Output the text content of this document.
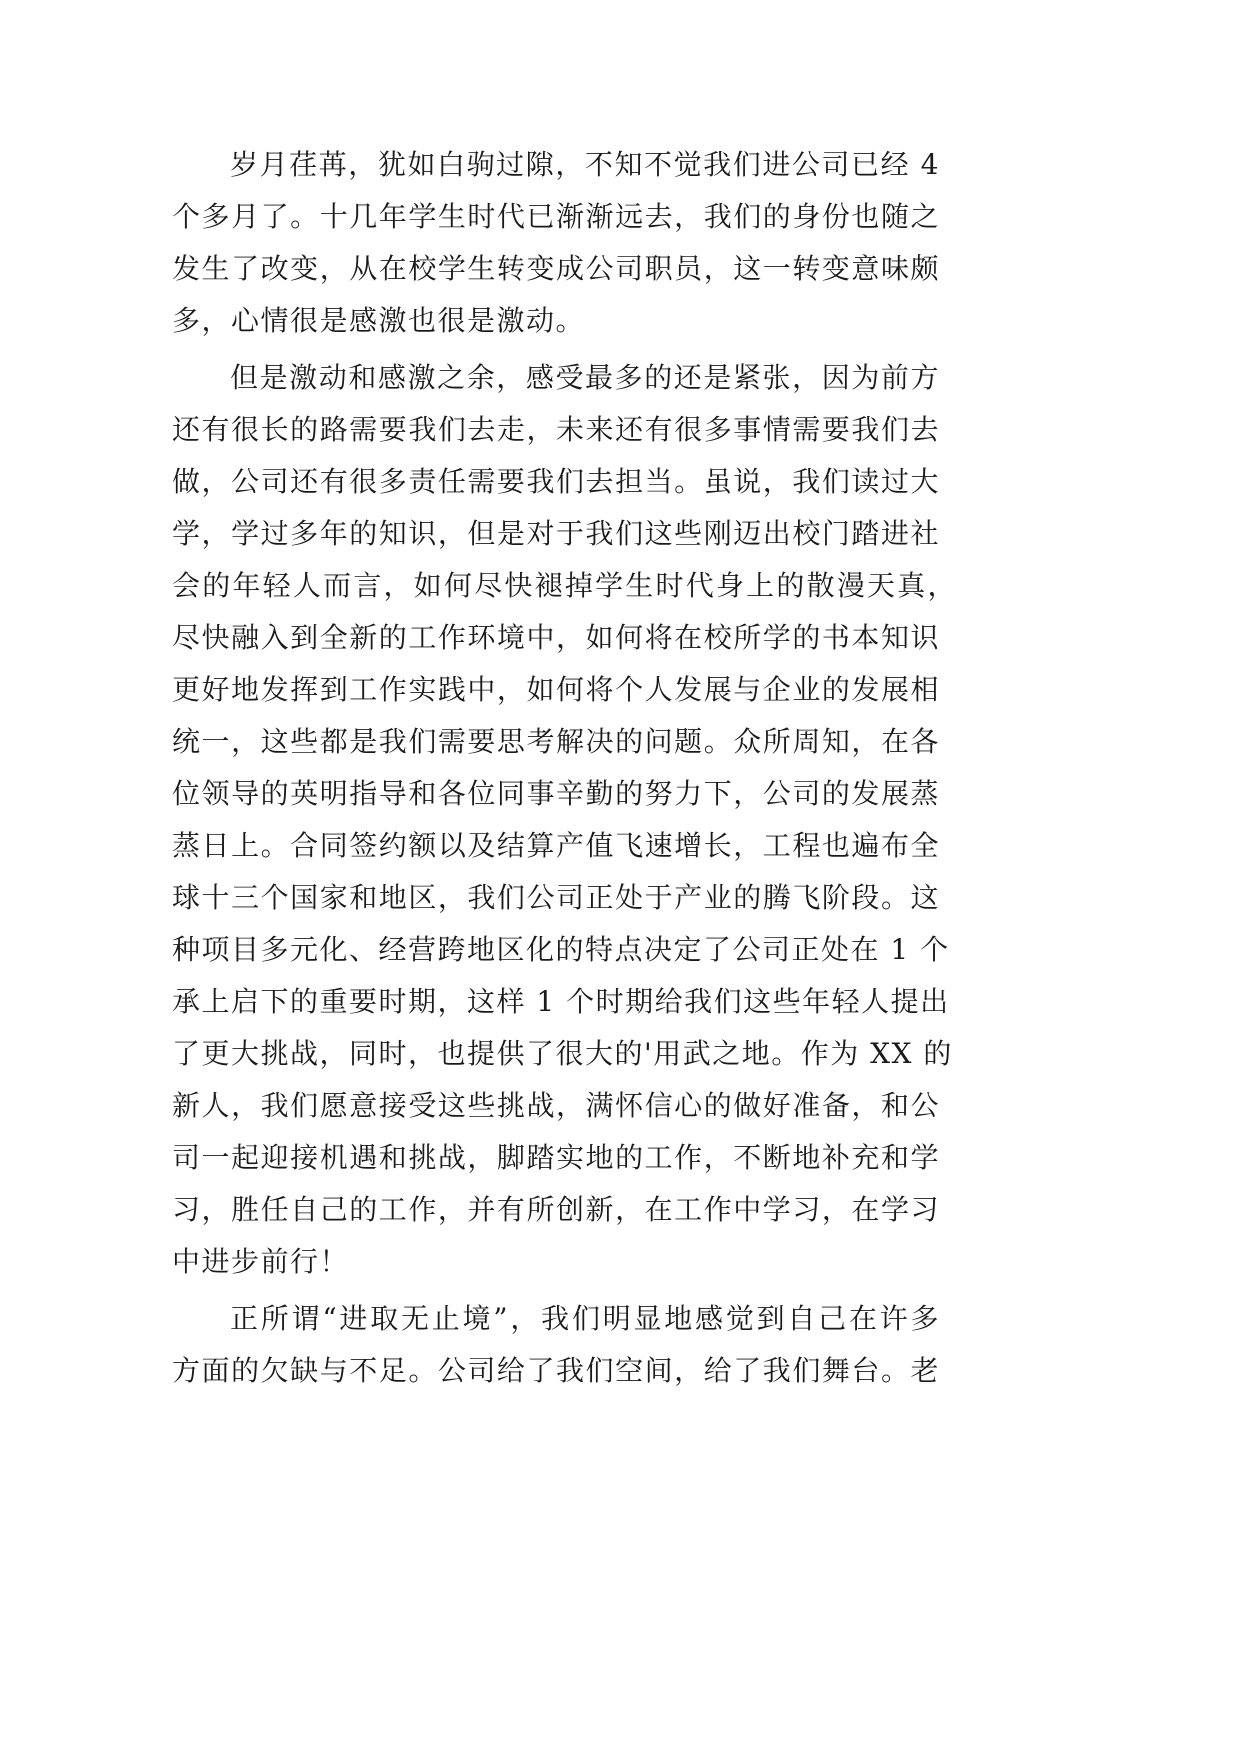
岁月荏苒，犹如白驹过隙，不知不觉我们进公司已经 4
个多月了。十几年学生时代已渐渐远去，我们的身份也随之
发生了改变，从在校学生转变成公司职员，这一转变意味颇
多，心情很是感激也很是激动。
但是激动和感激之余，感受最多的还是紧张，因为前方
还有很长的路需要我们去走，未来还有很多事情需要我们去
做，公司还有很多责任需要我们去担当。虽说，我们读过大
学，学过多年的知识，但是对于我们这些刚迈出校门踏进社
会的年轻人而言，如何尽快褪掉学生时代身上的散漫天真，
尽快融入到全新的工作环境中，如何将在校所学的书本知识
更好地发挥到工作实践中，如何将个人发展与企业的发展相
统一，这些都是我们需要思考解决的问题。众所周知，在各
位领导的英明指导和各位同事辛勤的努力下，公司的发展蒸
蒸日上。合同签约额以及结算产值飞速增长，工程也遍布全
球十三个国家和地区，我们公司正处于产业的腾飞阶段。这
种项目多元化、经营跨地区化的特点决定了公司正处在 1 个
承上启下的重要时期，这样 1 个时期给我们这些年轻人提出
了更大挑战，同时，也提供了很大的'用武之地。作为 XX 的
新人，我们愿意接受这些挑战，满怀信心的做好准备，和公
司一起迎接机遇和挑战，脚踏实地的工作，不断地补充和学
习，胜任自己的工作，并有所创新，在工作中学习，在学习
中进步前行！
正所谓“进取无止境”，我们明显地感觉到自己在许多
方面的欠缺与不足。公司给了我们空间，给了我们舞台。老
